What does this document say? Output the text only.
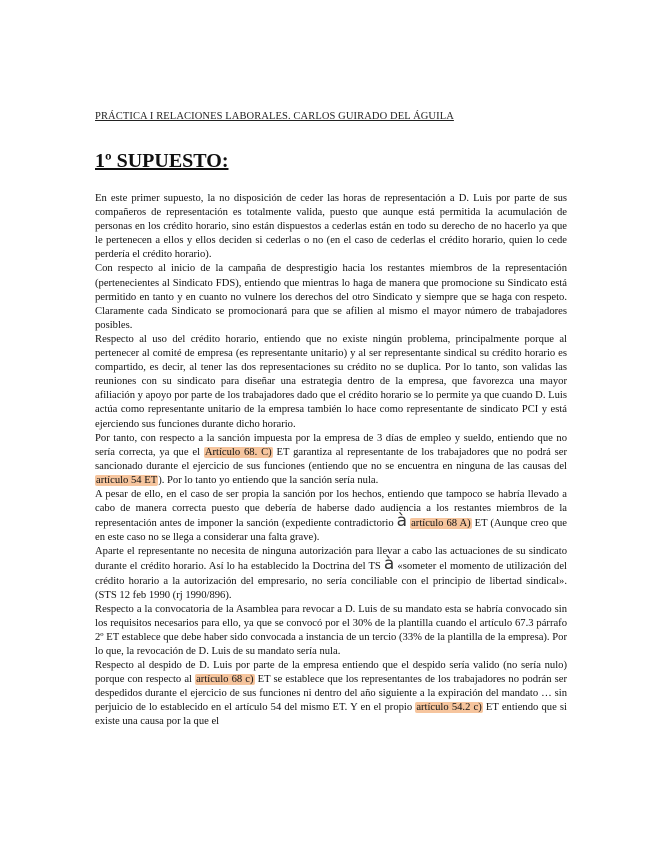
PRÁCTICA I RELACIONES LABORALES. CARLOS GUIRADO DEL ÁGUILA
1º SUPUESTO:

En este primer supuesto, la no disposición de ceder las horas de representación a D. Luis por parte de sus compañeros de representación es totalmente valida, puesto que aunque está permitida la acumulación de personas en los crédito horario, sino están dispuestos a cederlas están en todo su derecho de no hacerlo ya que le pertenecen a ellos y ellos deciden si cederlas o no (en el caso de cederlas el crédito horario, quien lo cede perdería el crédito horario).

Con respecto al inicio de la campaña de desprestigio hacia los restantes miembros de la representación (pertenecientes al Sindicato FDS), entiendo que mientras lo haga de manera que promocione su Sindicato está permitido en tanto y en cuanto no vulnere los derechos del otro Sindicato y siempre que se haga con respeto. Claramente cada Sindicato se promocionará para que se afilien al mismo el mayor número de trabajadores posibles.

Respecto al uso del crédito horario, entiendo que no existe ningún problema, principalmente porque al pertenecer al comité de empresa (es representante unitario) y al ser representante sindical su crédito horario es compartido, es decir, al tener las dos representaciones su crédito no se duplica. Por lo tanto, son validas las reuniones con su sindicato para diseñar una estrategia dentro de la empresa, que favorezca una mayor afiliación y apoyo por parte de los trabajadores dado que el crédito horario se lo permite ya que cuando D. Luis actúa como representante unitario de la empresa también lo hace como representante de sindicato PCI y está ejerciendo sus funciones durante dicho horario.

Por tanto, con respecto a la sanción impuesta por la empresa de 3 días de empleo y sueldo, entiendo que no sería correcta, ya que el Artículo 68. C) ET garantiza al representante de los trabajadores que no podrá ser sancionado durante el ejercicio de sus funciones (entiendo que no se encuentra en ninguna de las causas del artículo 54 ET). Por lo tanto yo entiendo que la sanción sería nula.

A pesar de ello, en el caso de ser propia la sanción por los hechos, entiendo que tampoco se habría llevado a cabo de manera correcta puesto que debería de haberse dado audiencia a los restantes miembros de la representación antes de imponer la sanción (expediente contradictorio à artículo 68 A) ET (Aunque creo que en este caso no se llega a considerar una falta grave).

Aparte el representante no necesita de ninguna autorización para llevar a cabo las actuaciones de su sindicato durante el crédito horario. Así lo ha establecido la Doctrina del TS à «someter el momento de utilización del crédito horario a la autorización del empresario, no sería conciliable con el principio de libertad sindical». (STS 12 feb 1990 (rj 1990/896).

Respecto a la convocatoria de la Asamblea para revocar a D. Luis de su mandato esta se habría convocado sin los requisitos necesarios para ello, ya que se convocó por el 30% de la plantilla cuando el artículo 67.3 párrafo 2º ET establece que debe haber sido convocada a instancia de un tercio (33% de la plantilla de la empresa). Por lo que, la revocación de D. Luis de su mandato sería nula.

Respecto al despido de D. Luis por parte de la empresa entiendo que el despido sería valido (no sería nulo) porque con respecto al artículo 68 c) ET se establece que los representantes de los trabajadores no podrán ser despedidos durante el ejercicio de sus funciones ni dentro del año siguiente a la expiración del mandato … sin perjuicio de lo establecido en el artículo 54 del mismo ET. Y en el propio artículo 54.2 c) ET entiendo que si existe una causa por la que el
